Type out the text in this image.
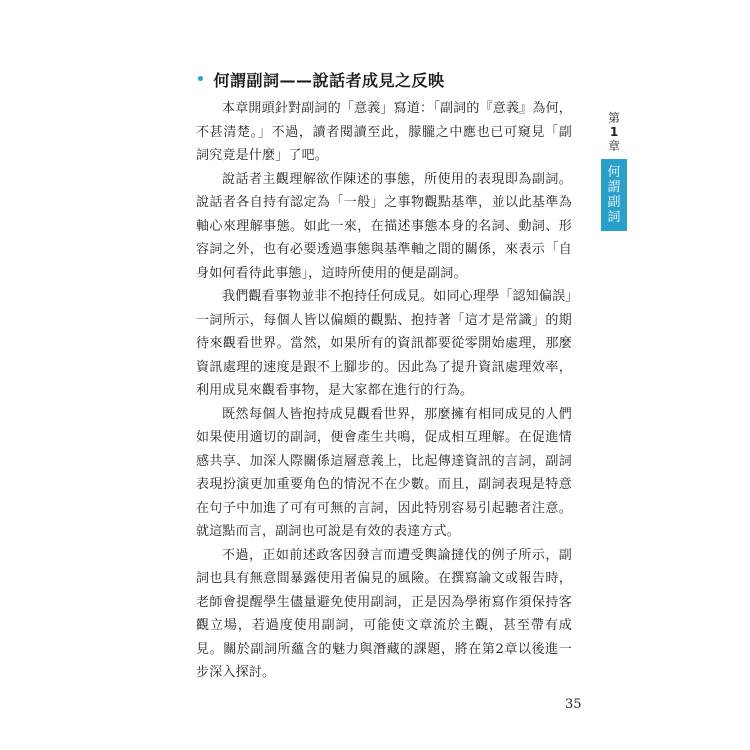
• 何謂副詞——說話者成見之反映

本章開頭針對副詞的「意義」寫道：「副詞的『意義』為何，不甚清楚。」不過，讀者閱讀至此，朦朧之中應也已可窺見「副詞究竟是什麼」了吧。

說話者主觀理解欲作陳述的事態，所使用的表現即為副詞。說話者各自持有認定為「一般」之事物觀點基準，並以此基準為軸心來理解事態。如此一來，在描述事態本身的名詞、動詞、形容詞之外，也有必要透過事態與基準軸之間的關係，來表示「自身如何看待此事態」，這時所使用的便是副詞。

我們觀看事物並非不抱持任何成見。如同心理學「認知偏誤」一詞所示，每個人皆以偏頗的觀點、抱持著「這才是常識」的期待來觀看世界。當然，如果所有的資訊都要從零開始處理，那麼資訊處理的速度是跟不上腳步的。因此為了提升資訊處理效率，利用成見來觀看事物，是大家都在進行的行為。

既然每個人皆抱持成見觀看世界，那麼擁有相同成見的人們如果使用適切的副詞，便會產生共鳴，促成相互理解。在促進情感共享、加深人際關係這層意義上，比起傳達資訊的言詞，副詞表現扮演更加重要角色的情況不在少數。而且，副詞表現是特意在句子中加進了可有可無的言詞，因此特別容易引起聽者注意。就這點而言，副詞也可說是有效的表達方式。

不過，正如前述政客因發言而遭受輿論撻伐的例子所示，副詞也具有無意間暴露使用者偏見的風險。在撰寫論文或報告時，老師會提醒學生儘量避免使用副詞，正是因為學術寫作須保持客觀立場，若過度使用副詞，可能使文章流於主觀，甚至帶有成見。關於副詞所蘊含的魅力與潛藏的課題，將在第2章以後進一步深入探討。

第
1
章
何
謂
副
詞
35
